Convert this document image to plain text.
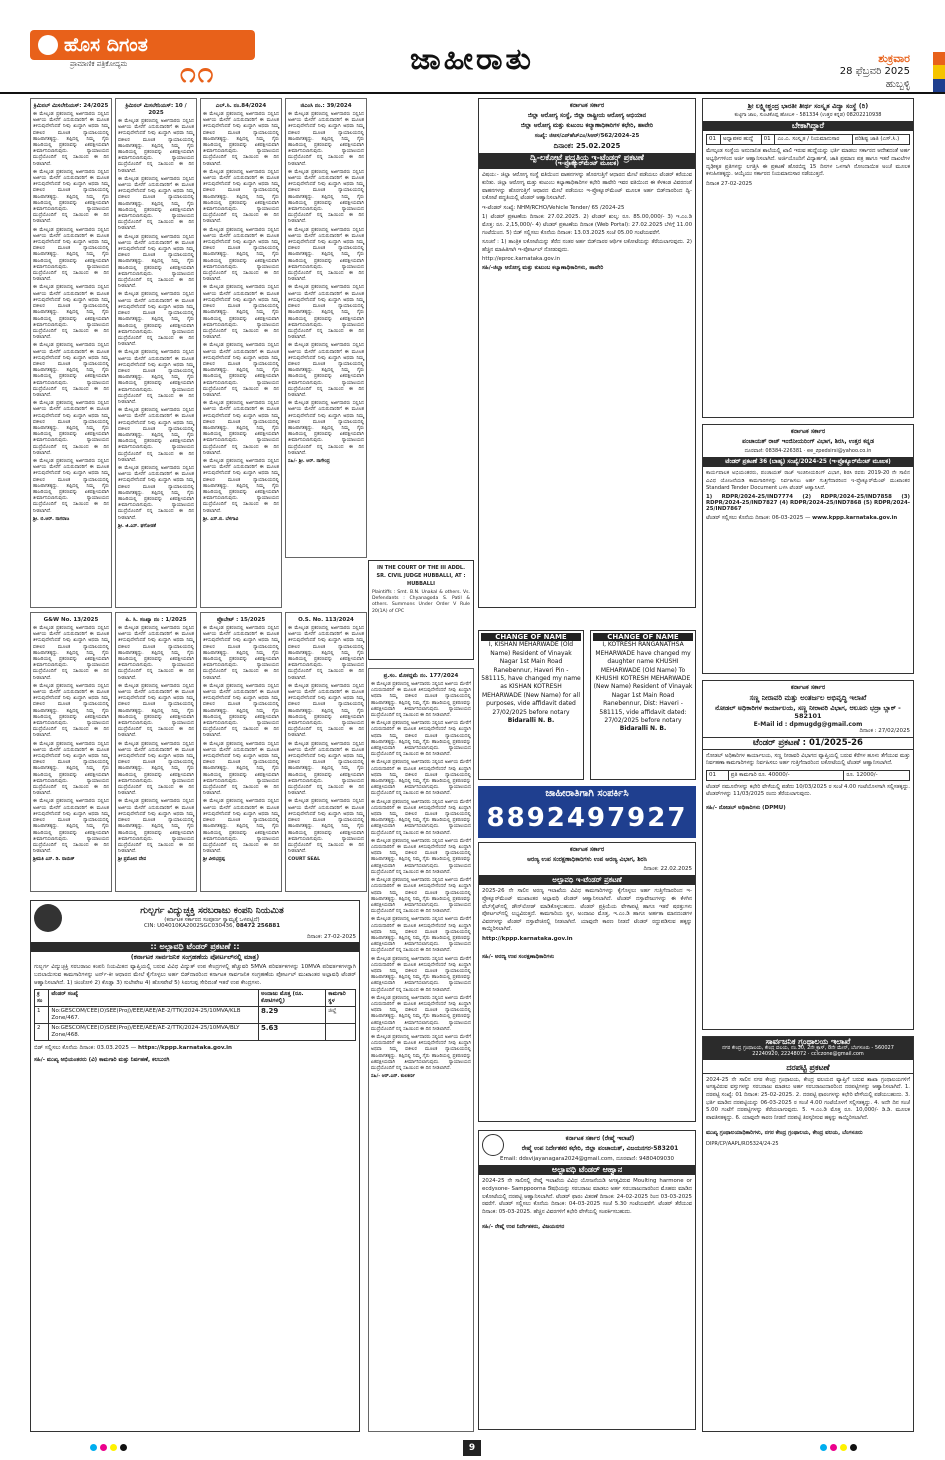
ಹೊಸ ದಿಗಂತ
ಪ್ರಾಮಾಣಿಕ ಪತ್ರಿಕೋದ್ಯಮ ೧೧	ಜಾಹೀರಾತು	ಶುಕ್ರವಾರ
28 ಫೆಬ್ರವರಿ 2025
ಹುಬ್ಬಳ್ಳಿ
ಕ್ರಿಮಿನಲ್ ಮಿಸಲೇನಿಯಸ್: 24/2025

ಈ ಮೇಲ್ಕಂಡ ಪ್ರಕರಣದಲ್ಲಿ ಅರ್ಜಿದಾರರು ಸಲ್ಲಿಸಿದ ಅರ್ಜಿಯ ಮೇರೆಗೆ ಎದುರುದಾರರಿಗೆ ಈ ಮೂಲಕ ತಿಳಿಸುವುದೇನೆಂದರೆ ನೀವು ಖುದ್ದಾಗಿ ಅಥವಾ ನಿಮ್ಮ ವಕೀಲರ ಮೂಲಕ ನ್ಯಾಯಾಲಯದಲ್ಲಿ ಹಾಜರಾಗತಕ್ಕದ್ದು. ತಪ್ಪಿದಲ್ಲಿ ನಿಮ್ಮ ಗೈರು ಹಾಜರಿಯಲ್ಲಿ ಪ್ರಕರಣವನ್ನು ಏಕಪಕ್ಷೀಯವಾಗಿ ತೀರ್ಮಾನಿಸಲಾಗುವುದು. ನ್ಯಾಯಾಲಯದ ಮುದ್ರೆಯೊಂದಿಗೆ ನನ್ನ ಸಹಿಯಿಂದ ಈ ದಿನ ನೀಡಲಾಗಿದೆ.

ಈ ಮೇಲ್ಕಂಡ ಪ್ರಕರಣದಲ್ಲಿ ಅರ್ಜಿದಾರರು ಸಲ್ಲಿಸಿದ ಅರ್ಜಿಯ ಮೇರೆಗೆ ಎದುರುದಾರರಿಗೆ ಈ ಮೂಲಕ ತಿಳಿಸುವುದೇನೆಂದರೆ ನೀವು ಖುದ್ದಾಗಿ ಅಥವಾ ನಿಮ್ಮ ವಕೀಲರ ಮೂಲಕ ನ್ಯಾಯಾಲಯದಲ್ಲಿ ಹಾಜರಾಗತಕ್ಕದ್ದು. ತಪ್ಪಿದಲ್ಲಿ ನಿಮ್ಮ ಗೈರು ಹಾಜರಿಯಲ್ಲಿ ಪ್ರಕರಣವನ್ನು ಏಕಪಕ್ಷೀಯವಾಗಿ ತೀರ್ಮಾನಿಸಲಾಗುವುದು. ನ್ಯಾಯಾಲಯದ ಮುದ್ರೆಯೊಂದಿಗೆ ನನ್ನ ಸಹಿಯಿಂದ ಈ ದಿನ ನೀಡಲಾಗಿದೆ.

ಈ ಮೇಲ್ಕಂಡ ಪ್ರಕರಣದಲ್ಲಿ ಅರ್ಜಿದಾರರು ಸಲ್ಲಿಸಿದ ಅರ್ಜಿಯ ಮೇರೆಗೆ ಎದುರುದಾರರಿಗೆ ಈ ಮೂಲಕ ತಿಳಿಸುವುದೇನೆಂದರೆ ನೀವು ಖುದ್ದಾಗಿ ಅಥವಾ ನಿಮ್ಮ ವಕೀಲರ ಮೂಲಕ ನ್ಯಾಯಾಲಯದಲ್ಲಿ ಹಾಜರಾಗತಕ್ಕದ್ದು. ತಪ್ಪಿದಲ್ಲಿ ನಿಮ್ಮ ಗೈರು ಹಾಜರಿಯಲ್ಲಿ ಪ್ರಕರಣವನ್ನು ಏಕಪಕ್ಷೀಯವಾಗಿ ತೀರ್ಮಾನಿಸಲಾಗುವುದು. ನ್ಯಾಯಾಲಯದ ಮುದ್ರೆಯೊಂದಿಗೆ ನನ್ನ ಸಹಿಯಿಂದ ಈ ದಿನ ನೀಡಲಾಗಿದೆ.

ಈ ಮೇಲ್ಕಂಡ ಪ್ರಕರಣದಲ್ಲಿ ಅರ್ಜಿದಾರರು ಸಲ್ಲಿಸಿದ ಅರ್ಜಿಯ ಮೇರೆಗೆ ಎದುರುದಾರರಿಗೆ ಈ ಮೂಲಕ ತಿಳಿಸುವುದೇನೆಂದರೆ ನೀವು ಖುದ್ದಾಗಿ ಅಥವಾ ನಿಮ್ಮ ವಕೀಲರ ಮೂಲಕ ನ್ಯಾಯಾಲಯದಲ್ಲಿ ಹಾಜರಾಗತಕ್ಕದ್ದು. ತಪ್ಪಿದಲ್ಲಿ ನಿಮ್ಮ ಗೈರು ಹಾಜರಿಯಲ್ಲಿ ಪ್ರಕರಣವನ್ನು ಏಕಪಕ್ಷೀಯವಾಗಿ ತೀರ್ಮಾನಿಸಲಾಗುವುದು. ನ್ಯಾಯಾಲಯದ ಮುದ್ರೆಯೊಂದಿಗೆ ನನ್ನ ಸಹಿಯಿಂದ ಈ ದಿನ ನೀಡಲಾಗಿದೆ.

ಈ ಮೇಲ್ಕಂಡ ಪ್ರಕರಣದಲ್ಲಿ ಅರ್ಜಿದಾರರು ಸಲ್ಲಿಸಿದ ಅರ್ಜಿಯ ಮೇರೆಗೆ ಎದುರುದಾರರಿಗೆ ಈ ಮೂಲಕ ತಿಳಿಸುವುದೇನೆಂದರೆ ನೀವು ಖುದ್ದಾಗಿ ಅಥವಾ ನಿಮ್ಮ ವಕೀಲರ ಮೂಲಕ ನ್ಯಾಯಾಲಯದಲ್ಲಿ ಹಾಜರಾಗತಕ್ಕದ್ದು. ತಪ್ಪಿದಲ್ಲಿ ನಿಮ್ಮ ಗೈರು ಹಾಜರಿಯಲ್ಲಿ ಪ್ರಕರಣವನ್ನು ಏಕಪಕ್ಷೀಯವಾಗಿ ತೀರ್ಮಾನಿಸಲಾಗುವುದು. ನ್ಯಾಯಾಲಯದ ಮುದ್ರೆಯೊಂದಿಗೆ ನನ್ನ ಸಹಿಯಿಂದ ಈ ದಿನ ನೀಡಲಾಗಿದೆ.

ಈ ಮೇಲ್ಕಂಡ ಪ್ರಕರಣದಲ್ಲಿ ಅರ್ಜಿದಾರರು ಸಲ್ಲಿಸಿದ ಅರ್ಜಿಯ ಮೇರೆಗೆ ಎದುರುದಾರರಿಗೆ ಈ ಮೂಲಕ ತಿಳಿಸುವುದೇನೆಂದರೆ ನೀವು ಖುದ್ದಾಗಿ ಅಥವಾ ನಿಮ್ಮ ವಕೀಲರ ಮೂಲಕ ನ್ಯಾಯಾಲಯದಲ್ಲಿ ಹಾಜರಾಗತಕ್ಕದ್ದು. ತಪ್ಪಿದಲ್ಲಿ ನಿಮ್ಮ ಗೈರು ಹಾಜರಿಯಲ್ಲಿ ಪ್ರಕರಣವನ್ನು ಏಕಪಕ್ಷೀಯವಾಗಿ ತೀರ್ಮಾನಿಸಲಾಗುವುದು. ನ್ಯಾಯಾಲಯದ ಮುದ್ರೆಯೊಂದಿಗೆ ನನ್ನ ಸಹಿಯಿಂದ ಈ ದಿನ ನೀಡಲಾಗಿದೆ.

ಈ ಮೇಲ್ಕಂಡ ಪ್ರಕರಣದಲ್ಲಿ ಅರ್ಜಿದಾರರು ಸಲ್ಲಿಸಿದ ಅರ್ಜಿಯ ಮೇರೆಗೆ ಎದುರುದಾರರಿಗೆ ಈ ಮೂಲಕ ತಿಳಿಸುವುದೇನೆಂದರೆ ನೀವು ಖುದ್ದಾಗಿ ಅಥವಾ ನಿಮ್ಮ ವಕೀಲರ ಮೂಲಕ ನ್ಯಾಯಾಲಯದಲ್ಲಿ ಹಾಜರಾಗತಕ್ಕದ್ದು. ತಪ್ಪಿದಲ್ಲಿ ನಿಮ್ಮ ಗೈರು ಹಾಜರಿಯಲ್ಲಿ ಪ್ರಕರಣವನ್ನು ಏಕಪಕ್ಷೀಯವಾಗಿ ತೀರ್ಮಾನಿಸಲಾಗುವುದು. ನ್ಯಾಯಾಲಯದ ಮುದ್ರೆಯೊಂದಿಗೆ ನನ್ನ ಸಹಿಯಿಂದ ಈ ದಿನ ನೀಡಲಾಗಿದೆ.

ಶ್ರೀ. ಬಿ.ಆರ್. ನಾಗರಾಜ

ಕ್ರಿಮಿನಲ್ ಮಿಸಲೇನಿಯಸ್: 10 / 2025

ಈ ಮೇಲ್ಕಂಡ ಪ್ರಕರಣದಲ್ಲಿ ಅರ್ಜಿದಾರರು ಸಲ್ಲಿಸಿದ ಅರ್ಜಿಯ ಮೇರೆಗೆ ಎದುರುದಾರರಿಗೆ ಈ ಮೂಲಕ ತಿಳಿಸುವುದೇನೆಂದರೆ ನೀವು ಖುದ್ದಾಗಿ ಅಥವಾ ನಿಮ್ಮ ವಕೀಲರ ಮೂಲಕ ನ್ಯಾಯಾಲಯದಲ್ಲಿ ಹಾಜರಾಗತಕ್ಕದ್ದು. ತಪ್ಪಿದಲ್ಲಿ ನಿಮ್ಮ ಗೈರು ಹಾಜರಿಯಲ್ಲಿ ಪ್ರಕರಣವನ್ನು ಏಕಪಕ್ಷೀಯವಾಗಿ ತೀರ್ಮಾನಿಸಲಾಗುವುದು. ನ್ಯಾಯಾಲಯದ ಮುದ್ರೆಯೊಂದಿಗೆ ನನ್ನ ಸಹಿಯಿಂದ ಈ ದಿನ ನೀಡಲಾಗಿದೆ.

ಈ ಮೇಲ್ಕಂಡ ಪ್ರಕರಣದಲ್ಲಿ ಅರ್ಜಿದಾರರು ಸಲ್ಲಿಸಿದ ಅರ್ಜಿಯ ಮೇರೆಗೆ ಎದುರುದಾರರಿಗೆ ಈ ಮೂಲಕ ತಿಳಿಸುವುದೇನೆಂದರೆ ನೀವು ಖುದ್ದಾಗಿ ಅಥವಾ ನಿಮ್ಮ ವಕೀಲರ ಮೂಲಕ ನ್ಯಾಯಾಲಯದಲ್ಲಿ ಹಾಜರಾಗತಕ್ಕದ್ದು. ತಪ್ಪಿದಲ್ಲಿ ನಿಮ್ಮ ಗೈರು ಹಾಜರಿಯಲ್ಲಿ ಪ್ರಕರಣವನ್ನು ಏಕಪಕ್ಷೀಯವಾಗಿ ತೀರ್ಮಾನಿಸಲಾಗುವುದು. ನ್ಯಾಯಾಲಯದ ಮುದ್ರೆಯೊಂದಿಗೆ ನನ್ನ ಸಹಿಯಿಂದ ಈ ದಿನ ನೀಡಲಾಗಿದೆ.

ಈ ಮೇಲ್ಕಂಡ ಪ್ರಕರಣದಲ್ಲಿ ಅರ್ಜಿದಾರರು ಸಲ್ಲಿಸಿದ ಅರ್ಜಿಯ ಮೇರೆಗೆ ಎದುರುದಾರರಿಗೆ ಈ ಮೂಲಕ ತಿಳಿಸುವುದೇನೆಂದರೆ ನೀವು ಖುದ್ದಾಗಿ ಅಥವಾ ನಿಮ್ಮ ವಕೀಲರ ಮೂಲಕ ನ್ಯಾಯಾಲಯದಲ್ಲಿ ಹಾಜರಾಗತಕ್ಕದ್ದು. ತಪ್ಪಿದಲ್ಲಿ ನಿಮ್ಮ ಗೈರು ಹಾಜರಿಯಲ್ಲಿ ಪ್ರಕರಣವನ್ನು ಏಕಪಕ್ಷೀಯವಾಗಿ ತೀರ್ಮಾನಿಸಲಾಗುವುದು. ನ್ಯಾಯಾಲಯದ ಮುದ್ರೆಯೊಂದಿಗೆ ನನ್ನ ಸಹಿಯಿಂದ ಈ ದಿನ ನೀಡಲಾಗಿದೆ.

ಈ ಮೇಲ್ಕಂಡ ಪ್ರಕರಣದಲ್ಲಿ ಅರ್ಜಿದಾರರು ಸಲ್ಲಿಸಿದ ಅರ್ಜಿಯ ಮೇರೆಗೆ ಎದುರುದಾರರಿಗೆ ಈ ಮೂಲಕ ತಿಳಿಸುವುದೇನೆಂದರೆ ನೀವು ಖುದ್ದಾಗಿ ಅಥವಾ ನಿಮ್ಮ ವಕೀಲರ ಮೂಲಕ ನ್ಯಾಯಾಲಯದಲ್ಲಿ ಹಾಜರಾಗತಕ್ಕದ್ದು. ತಪ್ಪಿದಲ್ಲಿ ನಿಮ್ಮ ಗೈರು ಹಾಜರಿಯಲ್ಲಿ ಪ್ರಕರಣವನ್ನು ಏಕಪಕ್ಷೀಯವಾಗಿ ತೀರ್ಮಾನಿಸಲಾಗುವುದು. ನ್ಯಾಯಾಲಯದ ಮುದ್ರೆಯೊಂದಿಗೆ ನನ್ನ ಸಹಿಯಿಂದ ಈ ದಿನ ನೀಡಲಾಗಿದೆ.

ಈ ಮೇಲ್ಕಂಡ ಪ್ರಕರಣದಲ್ಲಿ ಅರ್ಜಿದಾರರು ಸಲ್ಲಿಸಿದ ಅರ್ಜಿಯ ಮೇರೆಗೆ ಎದುರುದಾರರಿಗೆ ಈ ಮೂಲಕ ತಿಳಿಸುವುದೇನೆಂದರೆ ನೀವು ಖುದ್ದಾಗಿ ಅಥವಾ ನಿಮ್ಮ ವಕೀಲರ ಮೂಲಕ ನ್ಯಾಯಾಲಯದಲ್ಲಿ ಹಾಜರಾಗತಕ್ಕದ್ದು. ತಪ್ಪಿದಲ್ಲಿ ನಿಮ್ಮ ಗೈರು ಹಾಜರಿಯಲ್ಲಿ ಪ್ರಕರಣವನ್ನು ಏಕಪಕ್ಷೀಯವಾಗಿ ತೀರ್ಮಾನಿಸಲಾಗುವುದು. ನ್ಯಾಯಾಲಯದ ಮುದ್ರೆಯೊಂದಿಗೆ ನನ್ನ ಸಹಿಯಿಂದ ಈ ದಿನ ನೀಡಲಾಗಿದೆ.

ಈ ಮೇಲ್ಕಂಡ ಪ್ರಕರಣದಲ್ಲಿ ಅರ್ಜಿದಾರರು ಸಲ್ಲಿಸಿದ ಅರ್ಜಿಯ ಮೇರೆಗೆ ಎದುರುದಾರರಿಗೆ ಈ ಮೂಲಕ ತಿಳಿಸುವುದೇನೆಂದರೆ ನೀವು ಖುದ್ದಾಗಿ ಅಥವಾ ನಿಮ್ಮ ವಕೀಲರ ಮೂಲಕ ನ್ಯಾಯಾಲಯದಲ್ಲಿ ಹಾಜರಾಗತಕ್ಕದ್ದು. ತಪ್ಪಿದಲ್ಲಿ ನಿಮ್ಮ ಗೈರು ಹಾಜರಿಯಲ್ಲಿ ಪ್ರಕರಣವನ್ನು ಏಕಪಕ್ಷೀಯವಾಗಿ ತೀರ್ಮಾನಿಸಲಾಗುವುದು. ನ್ಯಾಯಾಲಯದ ಮುದ್ರೆಯೊಂದಿಗೆ ನನ್ನ ಸಹಿಯಿಂದ ಈ ದಿನ ನೀಡಲಾಗಿದೆ.

ಈ ಮೇಲ್ಕಂಡ ಪ್ರಕರಣದಲ್ಲಿ ಅರ್ಜಿದಾರರು ಸಲ್ಲಿಸಿದ ಅರ್ಜಿಯ ಮೇರೆಗೆ ಎದುರುದಾರರಿಗೆ ಈ ಮೂಲಕ ತಿಳಿಸುವುದೇನೆಂದರೆ ನೀವು ಖುದ್ದಾಗಿ ಅಥವಾ ನಿಮ್ಮ ವಕೀಲರ ಮೂಲಕ ನ್ಯಾಯಾಲಯದಲ್ಲಿ ಹಾಜರಾಗತಕ್ಕದ್ದು. ತಪ್ಪಿದಲ್ಲಿ ನಿಮ್ಮ ಗೈರು ಹಾಜರಿಯಲ್ಲಿ ಪ್ರಕರಣವನ್ನು ಏಕಪಕ್ಷೀಯವಾಗಿ ತೀರ್ಮಾನಿಸಲಾಗುವುದು. ನ್ಯಾಯಾಲಯದ ಮುದ್ರೆಯೊಂದಿಗೆ ನನ್ನ ಸಹಿಯಿಂದ ಈ ದಿನ ನೀಡಲಾಗಿದೆ.

ಶ್ರೀ. ಜಿ.ಎಸ್. ಘಗೋಡಕೆ

ಎಲ್.ಸಿ. ನಂ.84/2024

ಈ ಮೇಲ್ಕಂಡ ಪ್ರಕರಣದಲ್ಲಿ ಅರ್ಜಿದಾರರು ಸಲ್ಲಿಸಿದ ಅರ್ಜಿಯ ಮೇರೆಗೆ ಎದುರುದಾರರಿಗೆ ಈ ಮೂಲಕ ತಿಳಿಸುವುದೇನೆಂದರೆ ನೀವು ಖುದ್ದಾಗಿ ಅಥವಾ ನಿಮ್ಮ ವಕೀಲರ ಮೂಲಕ ನ್ಯಾಯಾಲಯದಲ್ಲಿ ಹಾಜರಾಗತಕ್ಕದ್ದು. ತಪ್ಪಿದಲ್ಲಿ ನಿಮ್ಮ ಗೈರು ಹಾಜರಿಯಲ್ಲಿ ಪ್ರಕರಣವನ್ನು ಏಕಪಕ್ಷೀಯವಾಗಿ ತೀರ್ಮಾನಿಸಲಾಗುವುದು. ನ್ಯಾಯಾಲಯದ ಮುದ್ರೆಯೊಂದಿಗೆ ನನ್ನ ಸಹಿಯಿಂದ ಈ ದಿನ ನೀಡಲಾಗಿದೆ.

ಈ ಮೇಲ್ಕಂಡ ಪ್ರಕರಣದಲ್ಲಿ ಅರ್ಜಿದಾರರು ಸಲ್ಲಿಸಿದ ಅರ್ಜಿಯ ಮೇರೆಗೆ ಎದುರುದಾರರಿಗೆ ಈ ಮೂಲಕ ತಿಳಿಸುವುದೇನೆಂದರೆ ನೀವು ಖುದ್ದಾಗಿ ಅಥವಾ ನಿಮ್ಮ ವಕೀಲರ ಮೂಲಕ ನ್ಯಾಯಾಲಯದಲ್ಲಿ ಹಾಜರಾಗತಕ್ಕದ್ದು. ತಪ್ಪಿದಲ್ಲಿ ನಿಮ್ಮ ಗೈರು ಹಾಜರಿಯಲ್ಲಿ ಪ್ರಕರಣವನ್ನು ಏಕಪಕ್ಷೀಯವಾಗಿ ತೀರ್ಮಾನಿಸಲಾಗುವುದು. ನ್ಯಾಯಾಲಯದ ಮುದ್ರೆಯೊಂದಿಗೆ ನನ್ನ ಸಹಿಯಿಂದ ಈ ದಿನ ನೀಡಲಾಗಿದೆ.

ಈ ಮೇಲ್ಕಂಡ ಪ್ರಕರಣದಲ್ಲಿ ಅರ್ಜಿದಾರರು ಸಲ್ಲಿಸಿದ ಅರ್ಜಿಯ ಮೇರೆಗೆ ಎದುರುದಾರರಿಗೆ ಈ ಮೂಲಕ ತಿಳಿಸುವುದೇನೆಂದರೆ ನೀವು ಖುದ್ದಾಗಿ ಅಥವಾ ನಿಮ್ಮ ವಕೀಲರ ಮೂಲಕ ನ್ಯಾಯಾಲಯದಲ್ಲಿ ಹಾಜರಾಗತಕ್ಕದ್ದು. ತಪ್ಪಿದಲ್ಲಿ ನಿಮ್ಮ ಗೈರು ಹಾಜರಿಯಲ್ಲಿ ಪ್ರಕರಣವನ್ನು ಏಕಪಕ್ಷೀಯವಾಗಿ ತೀರ್ಮಾನಿಸಲಾಗುವುದು. ನ್ಯಾಯಾಲಯದ ಮುದ್ರೆಯೊಂದಿಗೆ ನನ್ನ ಸಹಿಯಿಂದ ಈ ದಿನ ನೀಡಲಾಗಿದೆ.

ಈ ಮೇಲ್ಕಂಡ ಪ್ರಕರಣದಲ್ಲಿ ಅರ್ಜಿದಾರರು ಸಲ್ಲಿಸಿದ ಅರ್ಜಿಯ ಮೇರೆಗೆ ಎದುರುದಾರರಿಗೆ ಈ ಮೂಲಕ ತಿಳಿಸುವುದೇನೆಂದರೆ ನೀವು ಖುದ್ದಾಗಿ ಅಥವಾ ನಿಮ್ಮ ವಕೀಲರ ಮೂಲಕ ನ್ಯಾಯಾಲಯದಲ್ಲಿ ಹಾಜರಾಗತಕ್ಕದ್ದು. ತಪ್ಪಿದಲ್ಲಿ ನಿಮ್ಮ ಗೈರು ಹಾಜರಿಯಲ್ಲಿ ಪ್ರಕರಣವನ್ನು ಏಕಪಕ್ಷೀಯವಾಗಿ ತೀರ್ಮಾನಿಸಲಾಗುವುದು. ನ್ಯಾಯಾಲಯದ ಮುದ್ರೆಯೊಂದಿಗೆ ನನ್ನ ಸಹಿಯಿಂದ ಈ ದಿನ ನೀಡಲಾಗಿದೆ.

ಈ ಮೇಲ್ಕಂಡ ಪ್ರಕರಣದಲ್ಲಿ ಅರ್ಜಿದಾರರು ಸಲ್ಲಿಸಿದ ಅರ್ಜಿಯ ಮೇರೆಗೆ ಎದುರುದಾರರಿಗೆ ಈ ಮೂಲಕ ತಿಳಿಸುವುದೇನೆಂದರೆ ನೀವು ಖುದ್ದಾಗಿ ಅಥವಾ ನಿಮ್ಮ ವಕೀಲರ ಮೂಲಕ ನ್ಯಾಯಾಲಯದಲ್ಲಿ ಹಾಜರಾಗತಕ್ಕದ್ದು. ತಪ್ಪಿದಲ್ಲಿ ನಿಮ್ಮ ಗೈರು ಹಾಜರಿಯಲ್ಲಿ ಪ್ರಕರಣವನ್ನು ಏಕಪಕ್ಷೀಯವಾಗಿ ತೀರ್ಮಾನಿಸಲಾಗುವುದು. ನ್ಯಾಯಾಲಯದ ಮುದ್ರೆಯೊಂದಿಗೆ ನನ್ನ ಸಹಿಯಿಂದ ಈ ದಿನ ನೀಡಲಾಗಿದೆ.

ಈ ಮೇಲ್ಕಂಡ ಪ್ರಕರಣದಲ್ಲಿ ಅರ್ಜಿದಾರರು ಸಲ್ಲಿಸಿದ ಅರ್ಜಿಯ ಮೇರೆಗೆ ಎದುರುದಾರರಿಗೆ ಈ ಮೂಲಕ ತಿಳಿಸುವುದೇನೆಂದರೆ ನೀವು ಖುದ್ದಾಗಿ ಅಥವಾ ನಿಮ್ಮ ವಕೀಲರ ಮೂಲಕ ನ್ಯಾಯಾಲಯದಲ್ಲಿ ಹಾಜರಾಗತಕ್ಕದ್ದು. ತಪ್ಪಿದಲ್ಲಿ ನಿಮ್ಮ ಗೈರು ಹಾಜರಿಯಲ್ಲಿ ಪ್ರಕರಣವನ್ನು ಏಕಪಕ್ಷೀಯವಾಗಿ ತೀರ್ಮಾನಿಸಲಾಗುವುದು. ನ್ಯಾಯಾಲಯದ ಮುದ್ರೆಯೊಂದಿಗೆ ನನ್ನ ಸಹಿಯಿಂದ ಈ ದಿನ ನೀಡಲಾಗಿದೆ.

ಈ ಮೇಲ್ಕಂಡ ಪ್ರಕರಣದಲ್ಲಿ ಅರ್ಜಿದಾರರು ಸಲ್ಲಿಸಿದ ಅರ್ಜಿಯ ಮೇರೆಗೆ ಎದುರುದಾರರಿಗೆ ಈ ಮೂಲಕ ತಿಳಿಸುವುದೇನೆಂದರೆ ನೀವು ಖುದ್ದಾಗಿ ಅಥವಾ ನಿಮ್ಮ ವಕೀಲರ ಮೂಲಕ ನ್ಯಾಯಾಲಯದಲ್ಲಿ ಹಾಜರಾಗತಕ್ಕದ್ದು. ತಪ್ಪಿದಲ್ಲಿ ನಿಮ್ಮ ಗೈರು ಹಾಜರಿಯಲ್ಲಿ ಪ್ರಕರಣವನ್ನು ಏಕಪಕ್ಷೀಯವಾಗಿ ತೀರ್ಮಾನಿಸಲಾಗುವುದು. ನ್ಯಾಯಾಲಯದ ಮುದ್ರೆಯೊಂದಿಗೆ ನನ್ನ ಸಹಿಯಿಂದ ಈ ದಿನ ನೀಡಲಾಗಿದೆ.

ಶ್ರೀ. ಎಸ್.ಬಿ. ಬೆಳಗಾವಿ

ಜಿಎಂಸಿ ನಂ.: 39/2024

ಈ ಮೇಲ್ಕಂಡ ಪ್ರಕರಣದಲ್ಲಿ ಅರ್ಜಿದಾರರು ಸಲ್ಲಿಸಿದ ಅರ್ಜಿಯ ಮೇರೆಗೆ ಎದುರುದಾರರಿಗೆ ಈ ಮೂಲಕ ತಿಳಿಸುವುದೇನೆಂದರೆ ನೀವು ಖುದ್ದಾಗಿ ಅಥವಾ ನಿಮ್ಮ ವಕೀಲರ ಮೂಲಕ ನ್ಯಾಯಾಲಯದಲ್ಲಿ ಹಾಜರಾಗತಕ್ಕದ್ದು. ತಪ್ಪಿದಲ್ಲಿ ನಿಮ್ಮ ಗೈರು ಹಾಜರಿಯಲ್ಲಿ ಪ್ರಕರಣವನ್ನು ಏಕಪಕ್ಷೀಯವಾಗಿ ತೀರ್ಮಾನಿಸಲಾಗುವುದು. ನ್ಯಾಯಾಲಯದ ಮುದ್ರೆಯೊಂದಿಗೆ ನನ್ನ ಸಹಿಯಿಂದ ಈ ದಿನ ನೀಡಲಾಗಿದೆ.

ಈ ಮೇಲ್ಕಂಡ ಪ್ರಕರಣದಲ್ಲಿ ಅರ್ಜಿದಾರರು ಸಲ್ಲಿಸಿದ ಅರ್ಜಿಯ ಮೇರೆಗೆ ಎದುರುದಾರರಿಗೆ ಈ ಮೂಲಕ ತಿಳಿಸುವುದೇನೆಂದರೆ ನೀವು ಖುದ್ದಾಗಿ ಅಥವಾ ನಿಮ್ಮ ವಕೀಲರ ಮೂಲಕ ನ್ಯಾಯಾಲಯದಲ್ಲಿ ಹಾಜರಾಗತಕ್ಕದ್ದು. ತಪ್ಪಿದಲ್ಲಿ ನಿಮ್ಮ ಗೈರು ಹಾಜರಿಯಲ್ಲಿ ಪ್ರಕರಣವನ್ನು ಏಕಪಕ್ಷೀಯವಾಗಿ ತೀರ್ಮಾನಿಸಲಾಗುವುದು. ನ್ಯಾಯಾಲಯದ ಮುದ್ರೆಯೊಂದಿಗೆ ನನ್ನ ಸಹಿಯಿಂದ ಈ ದಿನ ನೀಡಲಾಗಿದೆ.

ಈ ಮೇಲ್ಕಂಡ ಪ್ರಕರಣದಲ್ಲಿ ಅರ್ಜಿದಾರರು ಸಲ್ಲಿಸಿದ ಅರ್ಜಿಯ ಮೇರೆಗೆ ಎದುರುದಾರರಿಗೆ ಈ ಮೂಲಕ ತಿಳಿಸುವುದೇನೆಂದರೆ ನೀವು ಖುದ್ದಾಗಿ ಅಥವಾ ನಿಮ್ಮ ವಕೀಲರ ಮೂಲಕ ನ್ಯಾಯಾಲಯದಲ್ಲಿ ಹಾಜರಾಗತಕ್ಕದ್ದು. ತಪ್ಪಿದಲ್ಲಿ ನಿಮ್ಮ ಗೈರು ಹಾಜರಿಯಲ್ಲಿ ಪ್ರಕರಣವನ್ನು ಏಕಪಕ್ಷೀಯವಾಗಿ ತೀರ್ಮಾನಿಸಲಾಗುವುದು. ನ್ಯಾಯಾಲಯದ ಮುದ್ರೆಯೊಂದಿಗೆ ನನ್ನ ಸಹಿಯಿಂದ ಈ ದಿನ ನೀಡಲಾಗಿದೆ.

ಈ ಮೇಲ್ಕಂಡ ಪ್ರಕರಣದಲ್ಲಿ ಅರ್ಜಿದಾರರು ಸಲ್ಲಿಸಿದ ಅರ್ಜಿಯ ಮೇರೆಗೆ ಎದುರುದಾರರಿಗೆ ಈ ಮೂಲಕ ತಿಳಿಸುವುದೇನೆಂದರೆ ನೀವು ಖುದ್ದಾಗಿ ಅಥವಾ ನಿಮ್ಮ ವಕೀಲರ ಮೂಲಕ ನ್ಯಾಯಾಲಯದಲ್ಲಿ ಹಾಜರಾಗತಕ್ಕದ್ದು. ತಪ್ಪಿದಲ್ಲಿ ನಿಮ್ಮ ಗೈರು ಹಾಜರಿಯಲ್ಲಿ ಪ್ರಕರಣವನ್ನು ಏಕಪಕ್ಷೀಯವಾಗಿ ತೀರ್ಮಾನಿಸಲಾಗುವುದು. ನ್ಯಾಯಾಲಯದ ಮುದ್ರೆಯೊಂದಿಗೆ ನನ್ನ ಸಹಿಯಿಂದ ಈ ದಿನ ನೀಡಲಾಗಿದೆ.

ಈ ಮೇಲ್ಕಂಡ ಪ್ರಕರಣದಲ್ಲಿ ಅರ್ಜಿದಾರರು ಸಲ್ಲಿಸಿದ ಅರ್ಜಿಯ ಮೇರೆಗೆ ಎದುರುದಾರರಿಗೆ ಈ ಮೂಲಕ ತಿಳಿಸುವುದೇನೆಂದರೆ ನೀವು ಖುದ್ದಾಗಿ ಅಥವಾ ನಿಮ್ಮ ವಕೀಲರ ಮೂಲಕ ನ್ಯಾಯಾಲಯದಲ್ಲಿ ಹಾಜರಾಗತಕ್ಕದ್ದು. ತಪ್ಪಿದಲ್ಲಿ ನಿಮ್ಮ ಗೈರು ಹಾಜರಿಯಲ್ಲಿ ಪ್ರಕರಣವನ್ನು ಏಕಪಕ್ಷೀಯವಾಗಿ ತೀರ್ಮಾನಿಸಲಾಗುವುದು. ನ್ಯಾಯಾಲಯದ ಮುದ್ರೆಯೊಂದಿಗೆ ನನ್ನ ಸಹಿಯಿಂದ ಈ ದಿನ ನೀಡಲಾಗಿದೆ.

ಈ ಮೇಲ್ಕಂಡ ಪ್ರಕರಣದಲ್ಲಿ ಅರ್ಜಿದಾರರು ಸಲ್ಲಿಸಿದ ಅರ್ಜಿಯ ಮೇರೆಗೆ ಎದುರುದಾರರಿಗೆ ಈ ಮೂಲಕ ತಿಳಿಸುವುದೇನೆಂದರೆ ನೀವು ಖುದ್ದಾಗಿ ಅಥವಾ ನಿಮ್ಮ ವಕೀಲರ ಮೂಲಕ ನ್ಯಾಯಾಲಯದಲ್ಲಿ ಹಾಜರಾಗತಕ್ಕದ್ದು. ತಪ್ಪಿದಲ್ಲಿ ನಿಮ್ಮ ಗೈರು ಹಾಜರಿಯಲ್ಲಿ ಪ್ರಕರಣವನ್ನು ಏಕಪಕ್ಷೀಯವಾಗಿ ತೀರ್ಮಾನಿಸಲಾಗುವುದು. ನ್ಯಾಯಾಲಯದ ಮುದ್ರೆಯೊಂದಿಗೆ ನನ್ನ ಸಹಿಯಿಂದ ಈ ದಿನ ನೀಡಲಾಗಿದೆ.

ಸಹಿ/- ಶ್ರೀ. ಆರ್. ನಾಗೇಂದ್ರ

G&W No. 13/2025

ಈ ಮೇಲ್ಕಂಡ ಪ್ರಕರಣದಲ್ಲಿ ಅರ್ಜಿದಾರರು ಸಲ್ಲಿಸಿದ ಅರ್ಜಿಯ ಮೇರೆಗೆ ಎದುರುದಾರರಿಗೆ ಈ ಮೂಲಕ ತಿಳಿಸುವುದೇನೆಂದರೆ ನೀವು ಖುದ್ದಾಗಿ ಅಥವಾ ನಿಮ್ಮ ವಕೀಲರ ಮೂಲಕ ನ್ಯಾಯಾಲಯದಲ್ಲಿ ಹಾಜರಾಗತಕ್ಕದ್ದು. ತಪ್ಪಿದಲ್ಲಿ ನಿಮ್ಮ ಗೈರು ಹಾಜರಿಯಲ್ಲಿ ಪ್ರಕರಣವನ್ನು ಏಕಪಕ್ಷೀಯವಾಗಿ ತೀರ್ಮಾನಿಸಲಾಗುವುದು. ನ್ಯಾಯಾಲಯದ ಮುದ್ರೆಯೊಂದಿಗೆ ನನ್ನ ಸಹಿಯಿಂದ ಈ ದಿನ ನೀಡಲಾಗಿದೆ.

ಈ ಮೇಲ್ಕಂಡ ಪ್ರಕರಣದಲ್ಲಿ ಅರ್ಜಿದಾರರು ಸಲ್ಲಿಸಿದ ಅರ್ಜಿಯ ಮೇರೆಗೆ ಎದುರುದಾರರಿಗೆ ಈ ಮೂಲಕ ತಿಳಿಸುವುದೇನೆಂದರೆ ನೀವು ಖುದ್ದಾಗಿ ಅಥವಾ ನಿಮ್ಮ ವಕೀಲರ ಮೂಲಕ ನ್ಯಾಯಾಲಯದಲ್ಲಿ ಹಾಜರಾಗತಕ್ಕದ್ದು. ತಪ್ಪಿದಲ್ಲಿ ನಿಮ್ಮ ಗೈರು ಹಾಜರಿಯಲ್ಲಿ ಪ್ರಕರಣವನ್ನು ಏಕಪಕ್ಷೀಯವಾಗಿ ತೀರ್ಮಾನಿಸಲಾಗುವುದು. ನ್ಯಾಯಾಲಯದ ಮುದ್ರೆಯೊಂದಿಗೆ ನನ್ನ ಸಹಿಯಿಂದ ಈ ದಿನ ನೀಡಲಾಗಿದೆ.

ಈ ಮೇಲ್ಕಂಡ ಪ್ರಕರಣದಲ್ಲಿ ಅರ್ಜಿದಾರರು ಸಲ್ಲಿಸಿದ ಅರ್ಜಿಯ ಮೇರೆಗೆ ಎದುರುದಾರರಿಗೆ ಈ ಮೂಲಕ ತಿಳಿಸುವುದೇನೆಂದರೆ ನೀವು ಖುದ್ದಾಗಿ ಅಥವಾ ನಿಮ್ಮ ವಕೀಲರ ಮೂಲಕ ನ್ಯಾಯಾಲಯದಲ್ಲಿ ಹಾಜರಾಗತಕ್ಕದ್ದು. ತಪ್ಪಿದಲ್ಲಿ ನಿಮ್ಮ ಗೈರು ಹಾಜರಿಯಲ್ಲಿ ಪ್ರಕರಣವನ್ನು ಏಕಪಕ್ಷೀಯವಾಗಿ ತೀರ್ಮಾನಿಸಲಾಗುವುದು. ನ್ಯಾಯಾಲಯದ ಮುದ್ರೆಯೊಂದಿಗೆ ನನ್ನ ಸಹಿಯಿಂದ ಈ ದಿನ ನೀಡಲಾಗಿದೆ.

ಈ ಮೇಲ್ಕಂಡ ಪ್ರಕರಣದಲ್ಲಿ ಅರ್ಜಿದಾರರು ಸಲ್ಲಿಸಿದ ಅರ್ಜಿಯ ಮೇರೆಗೆ ಎದುರುದಾರರಿಗೆ ಈ ಮೂಲಕ ತಿಳಿಸುವುದೇನೆಂದರೆ ನೀವು ಖುದ್ದಾಗಿ ಅಥವಾ ನಿಮ್ಮ ವಕೀಲರ ಮೂಲಕ ನ್ಯಾಯಾಲಯದಲ್ಲಿ ಹಾಜರಾಗತಕ್ಕದ್ದು. ತಪ್ಪಿದಲ್ಲಿ ನಿಮ್ಮ ಗೈರು ಹಾಜರಿಯಲ್ಲಿ ಪ್ರಕರಣವನ್ನು ಏಕಪಕ್ಷೀಯವಾಗಿ ತೀರ್ಮಾನಿಸಲಾಗುವುದು. ನ್ಯಾಯಾಲಯದ ಮುದ್ರೆಯೊಂದಿಗೆ ನನ್ನ ಸಹಿಯಿಂದ ಈ ದಿನ ನೀಡಲಾಗಿದೆ.

ಶ್ರೀಮತಿ ಎಸ್. ಡಿ. ನಾಯಿಕ್

ಪಿ. ಸಿ. ಸಂಖ್ಯಾ ನಂ : 1/2025

ಈ ಮೇಲ್ಕಂಡ ಪ್ರಕರಣದಲ್ಲಿ ಅರ್ಜಿದಾರರು ಸಲ್ಲಿಸಿದ ಅರ್ಜಿಯ ಮೇರೆಗೆ ಎದುರುದಾರರಿಗೆ ಈ ಮೂಲಕ ತಿಳಿಸುವುದೇನೆಂದರೆ ನೀವು ಖುದ್ದಾಗಿ ಅಥವಾ ನಿಮ್ಮ ವಕೀಲರ ಮೂಲಕ ನ್ಯಾಯಾಲಯದಲ್ಲಿ ಹಾಜರಾಗತಕ್ಕದ್ದು. ತಪ್ಪಿದಲ್ಲಿ ನಿಮ್ಮ ಗೈರು ಹಾಜರಿಯಲ್ಲಿ ಪ್ರಕರಣವನ್ನು ಏಕಪಕ್ಷೀಯವಾಗಿ ತೀರ್ಮಾನಿಸಲಾಗುವುದು. ನ್ಯಾಯಾಲಯದ ಮುದ್ರೆಯೊಂದಿಗೆ ನನ್ನ ಸಹಿಯಿಂದ ಈ ದಿನ ನೀಡಲಾಗಿದೆ.

ಈ ಮೇಲ್ಕಂಡ ಪ್ರಕರಣದಲ್ಲಿ ಅರ್ಜಿದಾರರು ಸಲ್ಲಿಸಿದ ಅರ್ಜಿಯ ಮೇರೆಗೆ ಎದುರುದಾರರಿಗೆ ಈ ಮೂಲಕ ತಿಳಿಸುವುದೇನೆಂದರೆ ನೀವು ಖುದ್ದಾಗಿ ಅಥವಾ ನಿಮ್ಮ ವಕೀಲರ ಮೂಲಕ ನ್ಯಾಯಾಲಯದಲ್ಲಿ ಹಾಜರಾಗತಕ್ಕದ್ದು. ತಪ್ಪಿದಲ್ಲಿ ನಿಮ್ಮ ಗೈರು ಹಾಜರಿಯಲ್ಲಿ ಪ್ರಕರಣವನ್ನು ಏಕಪಕ್ಷೀಯವಾಗಿ ತೀರ್ಮಾನಿಸಲಾಗುವುದು. ನ್ಯಾಯಾಲಯದ ಮುದ್ರೆಯೊಂದಿಗೆ ನನ್ನ ಸಹಿಯಿಂದ ಈ ದಿನ ನೀಡಲಾಗಿದೆ.

ಈ ಮೇಲ್ಕಂಡ ಪ್ರಕರಣದಲ್ಲಿ ಅರ್ಜಿದಾರರು ಸಲ್ಲಿಸಿದ ಅರ್ಜಿಯ ಮೇರೆಗೆ ಎದುರುದಾರರಿಗೆ ಈ ಮೂಲಕ ತಿಳಿಸುವುದೇನೆಂದರೆ ನೀವು ಖುದ್ದಾಗಿ ಅಥವಾ ನಿಮ್ಮ ವಕೀಲರ ಮೂಲಕ ನ್ಯಾಯಾಲಯದಲ್ಲಿ ಹಾಜರಾಗತಕ್ಕದ್ದು. ತಪ್ಪಿದಲ್ಲಿ ನಿಮ್ಮ ಗೈರು ಹಾಜರಿಯಲ್ಲಿ ಪ್ರಕರಣವನ್ನು ಏಕಪಕ್ಷೀಯವಾಗಿ ತೀರ್ಮಾನಿಸಲಾಗುವುದು. ನ್ಯಾಯಾಲಯದ ಮುದ್ರೆಯೊಂದಿಗೆ ನನ್ನ ಸಹಿಯಿಂದ ಈ ದಿನ ನೀಡಲಾಗಿದೆ.

ಈ ಮೇಲ್ಕಂಡ ಪ್ರಕರಣದಲ್ಲಿ ಅರ್ಜಿದಾರರು ಸಲ್ಲಿಸಿದ ಅರ್ಜಿಯ ಮೇರೆಗೆ ಎದುರುದಾರರಿಗೆ ಈ ಮೂಲಕ ತಿಳಿಸುವುದೇನೆಂದರೆ ನೀವು ಖುದ್ದಾಗಿ ಅಥವಾ ನಿಮ್ಮ ವಕೀಲರ ಮೂಲಕ ನ್ಯಾಯಾಲಯದಲ್ಲಿ ಹಾಜರಾಗತಕ್ಕದ್ದು. ತಪ್ಪಿದಲ್ಲಿ ನಿಮ್ಮ ಗೈರು ಹಾಜರಿಯಲ್ಲಿ ಪ್ರಕರಣವನ್ನು ಏಕಪಕ್ಷೀಯವಾಗಿ ತೀರ್ಮಾನಿಸಲಾಗುವುದು. ನ್ಯಾಯಾಲಯದ ಮುದ್ರೆಯೊಂದಿಗೆ ನನ್ನ ಸಹಿಯಿಂದ ಈ ದಿನ ನೀಡಲಾಗಿದೆ.

ಶ್ರೀ ಪ್ರಮೋದ ದೇವ

ಪ್ರೊಬೇಟ್ : 15/2025

ಈ ಮೇಲ್ಕಂಡ ಪ್ರಕರಣದಲ್ಲಿ ಅರ್ಜಿದಾರರು ಸಲ್ಲಿಸಿದ ಅರ್ಜಿಯ ಮೇರೆಗೆ ಎದುರುದಾರರಿಗೆ ಈ ಮೂಲಕ ತಿಳಿಸುವುದೇನೆಂದರೆ ನೀವು ಖುದ್ದಾಗಿ ಅಥವಾ ನಿಮ್ಮ ವಕೀಲರ ಮೂಲಕ ನ್ಯಾಯಾಲಯದಲ್ಲಿ ಹಾಜರಾಗತಕ್ಕದ್ದು. ತಪ್ಪಿದಲ್ಲಿ ನಿಮ್ಮ ಗೈರು ಹಾಜರಿಯಲ್ಲಿ ಪ್ರಕರಣವನ್ನು ಏಕಪಕ್ಷೀಯವಾಗಿ ತೀರ್ಮಾನಿಸಲಾಗುವುದು. ನ್ಯಾಯಾಲಯದ ಮುದ್ರೆಯೊಂದಿಗೆ ನನ್ನ ಸಹಿಯಿಂದ ಈ ದಿನ ನೀಡಲಾಗಿದೆ.

ಈ ಮೇಲ್ಕಂಡ ಪ್ರಕರಣದಲ್ಲಿ ಅರ್ಜಿದಾರರು ಸಲ್ಲಿಸಿದ ಅರ್ಜಿಯ ಮೇರೆಗೆ ಎದುರುದಾರರಿಗೆ ಈ ಮೂಲಕ ತಿಳಿಸುವುದೇನೆಂದರೆ ನೀವು ಖುದ್ದಾಗಿ ಅಥವಾ ನಿಮ್ಮ ವಕೀಲರ ಮೂಲಕ ನ್ಯಾಯಾಲಯದಲ್ಲಿ ಹಾಜರಾಗತಕ್ಕದ್ದು. ತಪ್ಪಿದಲ್ಲಿ ನಿಮ್ಮ ಗೈರು ಹಾಜರಿಯಲ್ಲಿ ಪ್ರಕರಣವನ್ನು ಏಕಪಕ್ಷೀಯವಾಗಿ ತೀರ್ಮಾನಿಸಲಾಗುವುದು. ನ್ಯಾಯಾಲಯದ ಮುದ್ರೆಯೊಂದಿಗೆ ನನ್ನ ಸಹಿಯಿಂದ ಈ ದಿನ ನೀಡಲಾಗಿದೆ.

ಈ ಮೇಲ್ಕಂಡ ಪ್ರಕರಣದಲ್ಲಿ ಅರ್ಜಿದಾರರು ಸಲ್ಲಿಸಿದ ಅರ್ಜಿಯ ಮೇರೆಗೆ ಎದುರುದಾರರಿಗೆ ಈ ಮೂಲಕ ತಿಳಿಸುವುದೇನೆಂದರೆ ನೀವು ಖುದ್ದಾಗಿ ಅಥವಾ ನಿಮ್ಮ ವಕೀಲರ ಮೂಲಕ ನ್ಯಾಯಾಲಯದಲ್ಲಿ ಹಾಜರಾಗತಕ್ಕದ್ದು. ತಪ್ಪಿದಲ್ಲಿ ನಿಮ್ಮ ಗೈರು ಹಾಜರಿಯಲ್ಲಿ ಪ್ರಕರಣವನ್ನು ಏಕಪಕ್ಷೀಯವಾಗಿ ತೀರ್ಮಾನಿಸಲಾಗುವುದು. ನ್ಯಾಯಾಲಯದ ಮುದ್ರೆಯೊಂದಿಗೆ ನನ್ನ ಸಹಿಯಿಂದ ಈ ದಿನ ನೀಡಲಾಗಿದೆ.

ಈ ಮೇಲ್ಕಂಡ ಪ್ರಕರಣದಲ್ಲಿ ಅರ್ಜಿದಾರರು ಸಲ್ಲಿಸಿದ ಅರ್ಜಿಯ ಮೇರೆಗೆ ಎದುರುದಾರರಿಗೆ ಈ ಮೂಲಕ ತಿಳಿಸುವುದೇನೆಂದರೆ ನೀವು ಖುದ್ದಾಗಿ ಅಥವಾ ನಿಮ್ಮ ವಕೀಲರ ಮೂಲಕ ನ್ಯಾಯಾಲಯದಲ್ಲಿ ಹಾಜರಾಗತಕ್ಕದ್ದು. ತಪ್ಪಿದಲ್ಲಿ ನಿಮ್ಮ ಗೈರು ಹಾಜರಿಯಲ್ಲಿ ಪ್ರಕರಣವನ್ನು ಏಕಪಕ್ಷೀಯವಾಗಿ ತೀರ್ಮಾನಿಸಲಾಗುವುದು. ನ್ಯಾಯಾಲಯದ ಮುದ್ರೆಯೊಂದಿಗೆ ನನ್ನ ಸಹಿಯಿಂದ ಈ ದಿನ ನೀಡಲಾಗಿದೆ.

ಶ್ರೀ ವೀರಭದ್ರಪ್ಪ

O.S. No. 113/2024

ಈ ಮೇಲ್ಕಂಡ ಪ್ರಕರಣದಲ್ಲಿ ಅರ್ಜಿದಾರರು ಸಲ್ಲಿಸಿದ ಅರ್ಜಿಯ ಮೇರೆಗೆ ಎದುರುದಾರರಿಗೆ ಈ ಮೂಲಕ ತಿಳಿಸುವುದೇನೆಂದರೆ ನೀವು ಖುದ್ದಾಗಿ ಅಥವಾ ನಿಮ್ಮ ವಕೀಲರ ಮೂಲಕ ನ್ಯಾಯಾಲಯದಲ್ಲಿ ಹಾಜರಾಗತಕ್ಕದ್ದು. ತಪ್ಪಿದಲ್ಲಿ ನಿಮ್ಮ ಗೈರು ಹಾಜರಿಯಲ್ಲಿ ಪ್ರಕರಣವನ್ನು ಏಕಪಕ್ಷೀಯವಾಗಿ ತೀರ್ಮಾನಿಸಲಾಗುವುದು. ನ್ಯಾಯಾಲಯದ ಮುದ್ರೆಯೊಂದಿಗೆ ನನ್ನ ಸಹಿಯಿಂದ ಈ ದಿನ ನೀಡಲಾಗಿದೆ.

ಈ ಮೇಲ್ಕಂಡ ಪ್ರಕರಣದಲ್ಲಿ ಅರ್ಜಿದಾರರು ಸಲ್ಲಿಸಿದ ಅರ್ಜಿಯ ಮೇರೆಗೆ ಎದುರುದಾರರಿಗೆ ಈ ಮೂಲಕ ತಿಳಿಸುವುದೇನೆಂದರೆ ನೀವು ಖುದ್ದಾಗಿ ಅಥವಾ ನಿಮ್ಮ ವಕೀಲರ ಮೂಲಕ ನ್ಯಾಯಾಲಯದಲ್ಲಿ ಹಾಜರಾಗತಕ್ಕದ್ದು. ತಪ್ಪಿದಲ್ಲಿ ನಿಮ್ಮ ಗೈರು ಹಾಜರಿಯಲ್ಲಿ ಪ್ರಕರಣವನ್ನು ಏಕಪಕ್ಷೀಯವಾಗಿ ತೀರ್ಮಾನಿಸಲಾಗುವುದು. ನ್ಯಾಯಾಲಯದ ಮುದ್ರೆಯೊಂದಿಗೆ ನನ್ನ ಸಹಿಯಿಂದ ಈ ದಿನ ನೀಡಲಾಗಿದೆ.

ಈ ಮೇಲ್ಕಂಡ ಪ್ರಕರಣದಲ್ಲಿ ಅರ್ಜಿದಾರರು ಸಲ್ಲಿಸಿದ ಅರ್ಜಿಯ ಮೇರೆಗೆ ಎದುರುದಾರರಿಗೆ ಈ ಮೂಲಕ ತಿಳಿಸುವುದೇನೆಂದರೆ ನೀವು ಖುದ್ದಾಗಿ ಅಥವಾ ನಿಮ್ಮ ವಕೀಲರ ಮೂಲಕ ನ್ಯಾಯಾಲಯದಲ್ಲಿ ಹಾಜರಾಗತಕ್ಕದ್ದು. ತಪ್ಪಿದಲ್ಲಿ ನಿಮ್ಮ ಗೈರು ಹಾಜರಿಯಲ್ಲಿ ಪ್ರಕರಣವನ್ನು ಏಕಪಕ್ಷೀಯವಾಗಿ ತೀರ್ಮಾನಿಸಲಾಗುವುದು. ನ್ಯಾಯಾಲಯದ ಮುದ್ರೆಯೊಂದಿಗೆ ನನ್ನ ಸಹಿಯಿಂದ ಈ ದಿನ ನೀಡಲಾಗಿದೆ.

ಈ ಮೇಲ್ಕಂಡ ಪ್ರಕರಣದಲ್ಲಿ ಅರ್ಜಿದಾರರು ಸಲ್ಲಿಸಿದ ಅರ್ಜಿಯ ಮೇರೆಗೆ ಎದುರುದಾರರಿಗೆ ಈ ಮೂಲಕ ತಿಳಿಸುವುದೇನೆಂದರೆ ನೀವು ಖುದ್ದಾಗಿ ಅಥವಾ ನಿಮ್ಮ ವಕೀಲರ ಮೂಲಕ ನ್ಯಾಯಾಲಯದಲ್ಲಿ ಹಾಜರಾಗತಕ್ಕದ್ದು. ತಪ್ಪಿದಲ್ಲಿ ನಿಮ್ಮ ಗೈರು ಹಾಜರಿಯಲ್ಲಿ ಪ್ರಕರಣವನ್ನು ಏಕಪಕ್ಷೀಯವಾಗಿ ತೀರ್ಮಾನಿಸಲಾಗುವುದು. ನ್ಯಾಯಾಲಯದ ಮುದ್ರೆಯೊಂದಿಗೆ ನನ್ನ ಸಹಿಯಿಂದ ಈ ದಿನ ನೀಡಲಾಗಿದೆ.

COURT SEAL

ಪ್ರ.ಸಂ. ಮೊಕದ್ದಮೆ ನಂ. 177/2024

ಈ ಮೇಲ್ಕಂಡ ಪ್ರಕರಣದಲ್ಲಿ ಅರ್ಜಿದಾರರು ಸಲ್ಲಿಸಿದ ಅರ್ಜಿಯ ಮೇರೆಗೆ ಎದುರುದಾರರಿಗೆ ಈ ಮೂಲಕ ತಿಳಿಸುವುದೇನೆಂದರೆ ನೀವು ಖುದ್ದಾಗಿ ಅಥವಾ ನಿಮ್ಮ ವಕೀಲರ ಮೂಲಕ ನ್ಯಾಯಾಲಯದಲ್ಲಿ ಹಾಜರಾಗತಕ್ಕದ್ದು. ತಪ್ಪಿದಲ್ಲಿ ನಿಮ್ಮ ಗೈರು ಹಾಜರಿಯಲ್ಲಿ ಪ್ರಕರಣವನ್ನು ಏಕಪಕ್ಷೀಯವಾಗಿ ತೀರ್ಮಾನಿಸಲಾಗುವುದು. ನ್ಯಾಯಾಲಯದ ಮುದ್ರೆಯೊಂದಿಗೆ ನನ್ನ ಸಹಿಯಿಂದ ಈ ದಿನ ನೀಡಲಾಗಿದೆ.

ಈ ಮೇಲ್ಕಂಡ ಪ್ರಕರಣದಲ್ಲಿ ಅರ್ಜಿದಾರರು ಸಲ್ಲಿಸಿದ ಅರ್ಜಿಯ ಮೇರೆಗೆ ಎದುರುದಾರರಿಗೆ ಈ ಮೂಲಕ ತಿಳಿಸುವುದೇನೆಂದರೆ ನೀವು ಖುದ್ದಾಗಿ ಅಥವಾ ನಿಮ್ಮ ವಕೀಲರ ಮೂಲಕ ನ್ಯಾಯಾಲಯದಲ್ಲಿ ಹಾಜರಾಗತಕ್ಕದ್ದು. ತಪ್ಪಿದಲ್ಲಿ ನಿಮ್ಮ ಗೈರು ಹಾಜರಿಯಲ್ಲಿ ಪ್ರಕರಣವನ್ನು ಏಕಪಕ್ಷೀಯವಾಗಿ ತೀರ್ಮಾನಿಸಲಾಗುವುದು. ನ್ಯಾಯಾಲಯದ ಮುದ್ರೆಯೊಂದಿಗೆ ನನ್ನ ಸಹಿಯಿಂದ ಈ ದಿನ ನೀಡಲಾಗಿದೆ.

ಈ ಮೇಲ್ಕಂಡ ಪ್ರಕರಣದಲ್ಲಿ ಅರ್ಜಿದಾರರು ಸಲ್ಲಿಸಿದ ಅರ್ಜಿಯ ಮೇರೆಗೆ ಎದುರುದಾರರಿಗೆ ಈ ಮೂಲಕ ತಿಳಿಸುವುದೇನೆಂದರೆ ನೀವು ಖುದ್ದಾಗಿ ಅಥವಾ ನಿಮ್ಮ ವಕೀಲರ ಮೂಲಕ ನ್ಯಾಯಾಲಯದಲ್ಲಿ ಹಾಜರಾಗತಕ್ಕದ್ದು. ತಪ್ಪಿದಲ್ಲಿ ನಿಮ್ಮ ಗೈರು ಹಾಜರಿಯಲ್ಲಿ ಪ್ರಕರಣವನ್ನು ಏಕಪಕ್ಷೀಯವಾಗಿ ತೀರ್ಮಾನಿಸಲಾಗುವುದು. ನ್ಯಾಯಾಲಯದ ಮುದ್ರೆಯೊಂದಿಗೆ ನನ್ನ ಸಹಿಯಿಂದ ಈ ದಿನ ನೀಡಲಾಗಿದೆ.

ಈ ಮೇಲ್ಕಂಡ ಪ್ರಕರಣದಲ್ಲಿ ಅರ್ಜಿದಾರರು ಸಲ್ಲಿಸಿದ ಅರ್ಜಿಯ ಮೇರೆಗೆ ಎದುರುದಾರರಿಗೆ ಈ ಮೂಲಕ ತಿಳಿಸುವುದೇನೆಂದರೆ ನೀವು ಖುದ್ದಾಗಿ ಅಥವಾ ನಿಮ್ಮ ವಕೀಲರ ಮೂಲಕ ನ್ಯಾಯಾಲಯದಲ್ಲಿ ಹಾಜರಾಗತಕ್ಕದ್ದು. ತಪ್ಪಿದಲ್ಲಿ ನಿಮ್ಮ ಗೈರು ಹಾಜರಿಯಲ್ಲಿ ಪ್ರಕರಣವನ್ನು ಏಕಪಕ್ಷೀಯವಾಗಿ ತೀರ್ಮಾನಿಸಲಾಗುವುದು. ನ್ಯಾಯಾಲಯದ ಮುದ್ರೆಯೊಂದಿಗೆ ನನ್ನ ಸಹಿಯಿಂದ ಈ ದಿನ ನೀಡಲಾಗಿದೆ.

ಈ ಮೇಲ್ಕಂಡ ಪ್ರಕರಣದಲ್ಲಿ ಅರ್ಜಿದಾರರು ಸಲ್ಲಿಸಿದ ಅರ್ಜಿಯ ಮೇರೆಗೆ ಎದುರುದಾರರಿಗೆ ಈ ಮೂಲಕ ತಿಳಿಸುವುದೇನೆಂದರೆ ನೀವು ಖುದ್ದಾಗಿ ಅಥವಾ ನಿಮ್ಮ ವಕೀಲರ ಮೂಲಕ ನ್ಯಾಯಾಲಯದಲ್ಲಿ ಹಾಜರಾಗತಕ್ಕದ್ದು. ತಪ್ಪಿದಲ್ಲಿ ನಿಮ್ಮ ಗೈರು ಹಾಜರಿಯಲ್ಲಿ ಪ್ರಕರಣವನ್ನು ಏಕಪಕ್ಷೀಯವಾಗಿ ತೀರ್ಮಾನಿಸಲಾಗುವುದು. ನ್ಯಾಯಾಲಯದ ಮುದ್ರೆಯೊಂದಿಗೆ ನನ್ನ ಸಹಿಯಿಂದ ಈ ದಿನ ನೀಡಲಾಗಿದೆ.

ಈ ಮೇಲ್ಕಂಡ ಪ್ರಕರಣದಲ್ಲಿ ಅರ್ಜಿದಾರರು ಸಲ್ಲಿಸಿದ ಅರ್ಜಿಯ ಮೇರೆಗೆ ಎದುರುದಾರರಿಗೆ ಈ ಮೂಲಕ ತಿಳಿಸುವುದೇನೆಂದರೆ ನೀವು ಖುದ್ದಾಗಿ ಅಥವಾ ನಿಮ್ಮ ವಕೀಲರ ಮೂಲಕ ನ್ಯಾಯಾಲಯದಲ್ಲಿ ಹಾಜರಾಗತಕ್ಕದ್ದು. ತಪ್ಪಿದಲ್ಲಿ ನಿಮ್ಮ ಗೈರು ಹಾಜರಿಯಲ್ಲಿ ಪ್ರಕರಣವನ್ನು ಏಕಪಕ್ಷೀಯವಾಗಿ ತೀರ್ಮಾನಿಸಲಾಗುವುದು. ನ್ಯಾಯಾಲಯದ ಮುದ್ರೆಯೊಂದಿಗೆ ನನ್ನ ಸಹಿಯಿಂದ ಈ ದಿನ ನೀಡಲಾಗಿದೆ.

ಈ ಮೇಲ್ಕಂಡ ಪ್ರಕರಣದಲ್ಲಿ ಅರ್ಜಿದಾರರು ಸಲ್ಲಿಸಿದ ಅರ್ಜಿಯ ಮೇರೆಗೆ ಎದುರುದಾರರಿಗೆ ಈ ಮೂಲಕ ತಿಳಿಸುವುದೇನೆಂದರೆ ನೀವು ಖುದ್ದಾಗಿ ಅಥವಾ ನಿಮ್ಮ ವಕೀಲರ ಮೂಲಕ ನ್ಯಾಯಾಲಯದಲ್ಲಿ ಹಾಜರಾಗತಕ್ಕದ್ದು. ತಪ್ಪಿದಲ್ಲಿ ನಿಮ್ಮ ಗೈರು ಹಾಜರಿಯಲ್ಲಿ ಪ್ರಕರಣವನ್ನು ಏಕಪಕ್ಷೀಯವಾಗಿ ತೀರ್ಮಾನಿಸಲಾಗುವುದು. ನ್ಯಾಯಾಲಯದ ಮುದ್ರೆಯೊಂದಿಗೆ ನನ್ನ ಸಹಿಯಿಂದ ಈ ದಿನ ನೀಡಲಾಗಿದೆ.

ಈ ಮೇಲ್ಕಂಡ ಪ್ರಕರಣದಲ್ಲಿ ಅರ್ಜಿದಾರರು ಸಲ್ಲಿಸಿದ ಅರ್ಜಿಯ ಮೇರೆಗೆ ಎದುರುದಾರರಿಗೆ ಈ ಮೂಲಕ ತಿಳಿಸುವುದೇನೆಂದರೆ ನೀವು ಖುದ್ದಾಗಿ ಅಥವಾ ನಿಮ್ಮ ವಕೀಲರ ಮೂಲಕ ನ್ಯಾಯಾಲಯದಲ್ಲಿ ಹಾಜರಾಗತಕ್ಕದ್ದು. ತಪ್ಪಿದಲ್ಲಿ ನಿಮ್ಮ ಗೈರು ಹಾಜರಿಯಲ್ಲಿ ಪ್ರಕರಣವನ್ನು ಏಕಪಕ್ಷೀಯವಾಗಿ ತೀರ್ಮಾನಿಸಲಾಗುವುದು. ನ್ಯಾಯಾಲಯದ ಮುದ್ರೆಯೊಂದಿಗೆ ನನ್ನ ಸಹಿಯಿಂದ ಈ ದಿನ ನೀಡಲಾಗಿದೆ.

ಈ ಮೇಲ್ಕಂಡ ಪ್ರಕರಣದಲ್ಲಿ ಅರ್ಜಿದಾರರು ಸಲ್ಲಿಸಿದ ಅರ್ಜಿಯ ಮೇರೆಗೆ ಎದುರುದಾರರಿಗೆ ಈ ಮೂಲಕ ತಿಳಿಸುವುದೇನೆಂದರೆ ನೀವು ಖುದ್ದಾಗಿ ಅಥವಾ ನಿಮ್ಮ ವಕೀಲರ ಮೂಲಕ ನ್ಯಾಯಾಲಯದಲ್ಲಿ ಹಾಜರಾಗತಕ್ಕದ್ದು. ತಪ್ಪಿದಲ್ಲಿ ನಿಮ್ಮ ಗೈರು ಹಾಜರಿಯಲ್ಲಿ ಪ್ರಕರಣವನ್ನು ಏಕಪಕ್ಷೀಯವಾಗಿ ತೀರ್ಮಾನಿಸಲಾಗುವುದು. ನ್ಯಾಯಾಲಯದ ಮುದ್ರೆಯೊಂದಿಗೆ ನನ್ನ ಸಹಿಯಿಂದ ಈ ದಿನ ನೀಡಲಾಗಿದೆ.

ಈ ಮೇಲ್ಕಂಡ ಪ್ರಕರಣದಲ್ಲಿ ಅರ್ಜಿದಾರರು ಸಲ್ಲಿಸಿದ ಅರ್ಜಿಯ ಮೇರೆಗೆ ಎದುರುದಾರರಿಗೆ ಈ ಮೂಲಕ ತಿಳಿಸುವುದೇನೆಂದರೆ ನೀವು ಖುದ್ದಾಗಿ ಅಥವಾ ನಿಮ್ಮ ವಕೀಲರ ಮೂಲಕ ನ್ಯಾಯಾಲಯದಲ್ಲಿ ಹಾಜರಾಗತಕ್ಕದ್ದು. ತಪ್ಪಿದಲ್ಲಿ ನಿಮ್ಮ ಗೈರು ಹಾಜರಿಯಲ್ಲಿ ಪ್ರಕರಣವನ್ನು ಏಕಪಕ್ಷೀಯವಾಗಿ ತೀರ್ಮಾನಿಸಲಾಗುವುದು. ನ್ಯಾಯಾಲಯದ ಮುದ್ರೆಯೊಂದಿಗೆ ನನ್ನ ಸಹಿಯಿಂದ ಈ ದಿನ ನೀಡಲಾಗಿದೆ.

ಸಹಿ/- ಆರ್.ಎನ್. ಕುಲಕರ್ಣಿ

IN THE COURT OF THE III ADDL. SR. CIVIL JUDGE HUBBALLI, AT : HUBBALLI

Plaintiffs : Smt. B.N. Unakal & others. Vs. Defendants : Chyanagoda S. Patil & others. Summons Under Order V Rule 20(1A) of CPC

ಕರ್ನಾಟಕ ಸರ್ಕಾರ
ಜಿಲ್ಲಾ ಆರೋಗ್ಯ ಸಂಸ್ಥೆ, ಜಿಲ್ಲಾ ರಾಷ್ಟ್ರೀಯ ಆರೋಗ್ಯ ಅಭಿಯಾನ
ಜಿಲ್ಲಾ ಆರೋಗ್ಯ ಮತ್ತು ಕುಟುಂಬ ಕಲ್ಯಾಣಾಧಿಕಾರಿಗಳ ಕಛೇರಿ, ಹಾವೇರಿ
ಸಂಖ್ಯೆ: ಜಿಆಸ/ಎನ್‌ಹೆಚ್‌ಎಂ/ಸಿಆರ್/562/2024-25
ದಿನಾಂಕ: 25.02.2025
ದ್ವಿ-ಲಕೋಟೆ ಪದ್ಧತಿಯ ಇ-ಟೆಂಡರ್ ಪ್ರಕಟಣೆ
(ಇ-ಪ್ರೊಕ್ಯೂರ್‌ಮೆಂಟ್ ಮೂಲಕ)

ವಿಷಯ:- ಜಿಲ್ಲಾ ಆರೋಗ್ಯ ಸಂಸ್ಥೆ ವತಿಯಿಂದ ವಾಹನಗಳನ್ನು ಹೊರಗುತ್ತಿಗೆ ಆಧಾರದ ಮೇಲೆ ಪಡೆಯಲು ಟೆಂಡರ್ ಕರೆಯುವ ಕುರಿತು. ಜಿಲ್ಲಾ ಆರೋಗ್ಯ ಮತ್ತು ಕುಟುಂಬ ಕಲ್ಯಾಣಾಧಿಕಾರಿಗಳ ಕಛೇರಿ ಹಾವೇರಿ ಇವರ ವತಿಯಿಂದ ಈ ಕೆಳಕಂಡ ವಿವರದಂತೆ ವಾಹನಗಳನ್ನು ಹೊರಗುತ್ತಿಗೆ ಆಧಾರದ ಮೇಲೆ ಪಡೆಯಲು ಇ-ಪ್ರೊಕ್ಯೂರ್‌ಮೆಂಟ್ ಮೂಲಕ ಅರ್ಹ ಬಿಡ್‌ದಾರರಿಂದ ದ್ವಿ-ಲಕೋಟೆ ಪದ್ಧತಿಯಲ್ಲಿ ಟೆಂಡರ್ ಆಹ್ವಾನಿಸಲಾಗಿದೆ.

ಇ-ಟೆಂಡರ್ ಸಂಖ್ಯೆ: NHM/RCHO/Vehicle Tender/ 65 /2024-25

1) ಟೆಂಡರ್ ಪ್ರಕಟಣೆಯ ದಿನಾಂಕ: 27.02.2025. 2) ಟೆಂಡರ್ ಶುಲ್ಕ: ರೂ. 85.00,000/- 3) ಇ.ಎಂ.ಡಿ ಮೊತ್ತ: ರೂ. 2,15,000/- 4) ಟೆಂಡರ್ ಪ್ರಕಟಣೆಯ ದಿನಾಂಕ (Web Portal): 27.02.2025 ಬೆಳಿಗ್ಗೆ 11.00 ಗಂಟೆಯಿಂದ. 5) ಬಿಡ್ ಸಲ್ಲಿಸಲು ಕೊನೆಯ ದಿನಾಂಕ: 13.03.2025 ಸಂಜೆ 05.00 ಗಂಟೆಯವರೆಗೆ.

ಸೂಚನೆ : 1) ತಾಂತ್ರಿಕ ಲಕೋಟೆಯನ್ನು ತೆರೆದ ನಂತರ ಅರ್ಹ ಬಿಡ್‌ದಾರರ ಆರ್ಥಿಕ ಲಕೋಟೆಯನ್ನು ತೆರೆಯಲಾಗುವುದು. 2) ಹೆಚ್ಚಿನ ಮಾಹಿತಿಗಾಗಿ ಇ-ಪೋರ್ಟಲ್ ನೋಡುವುದು.

http://eproc.karnataka.gov.in

ಸಹಿ/-ಜಿಲ್ಲಾ ಆರೋಗ್ಯ ಮತ್ತು ಕುಟುಂಬ ಕಲ್ಯಾಣಾಧಿಕಾರಿಗಳು, ಹಾವೇರಿ

CHANGE OF NAME
I, KISHAN MEHARWADE (Old Name) Resident of Vinayak Nagar 1st Main Road Ranebennur, Haveri Pin - 581115, have changed my name as KISHAN KOTRESH MEHARWADE (New Name) for all purposes, vide affidavit dated 27/02/2025 before notary
Bidaralli N. B.
CHANGE OF NAME
I, KOTRESH RANGANATHSA MEHARWADE have changed my daughter name KHUSHI MEHARWADE (Old Name) To KHUSHI KOTRESH MEHARWADE (New Name) Resident of Vinayak Nagar 1st Main Road Ranebennur, Dist: Haveri - 581115, vide affidavit dated: 27/02/2025 before notary
Bidaralli N. B.
ಜಾಹೀರಾತಿಗಾಗಿ ಸಂಪರ್ಕಿಸಿ
8892497927
ಕರ್ನಾಟಕ ಸರ್ಕಾರ
ಅರಣ್ಯ ಉಪ ಸಂರಕ್ಷಣಾಧಿಕಾರಿಗಳು ಉಪ ಅರಣ್ಯ ವಿಭಾಗ, ಶಿರಸಿ
ದಿನಾಂಕ: 22.02.2025
ಅಲ್ಪಾವಧಿ ಇ-ಟೆಂಡರ್ ಪ್ರಕಟಣೆ

2025-26 ನೇ ಸಾಲಿನ ಅರಣ್ಯ ಇಲಾಖೆಯ ವಿವಿಧ ಕಾಮಗಾರಿಗಳನ್ನು ಕೈಗೊಳ್ಳಲು ಅರ್ಹ ಗುತ್ತಿಗೆದಾರರಿಂದ ಇ-ಪ್ರೊಕ್ಯೂರ್‌ಮೆಂಟ್ ಮುಖಾಂತರ ಅಲ್ಪಾವಧಿ ಟೆಂಡರ್ ಆಹ್ವಾನಿಸಲಾಗಿದೆ. ಟೆಂಡರ್ ದಸ್ತಾವೇಜುಗಳನ್ನು ಈ ಕೆಳಗಿನ ವೆಬ್‌ಸೈಟ್‌ನಲ್ಲಿ ಡೌನ್‌ಲೋಡ್ ಮಾಡಿಕೊಳ್ಳಬಹುದು. ಟೆಂಡರ್ ಪ್ರಕ್ರಿಯೆಯ ವೇಳಾಪಟ್ಟಿ ಹಾಗೂ ಇತರೆ ಷರತ್ತುಗಳು ಪೋರ್ಟಲ್‌ನಲ್ಲಿ ಲಭ್ಯವಿರುತ್ತದೆ. ಕಾಮಗಾರಿಯ ಸ್ಥಳ, ಅಂದಾಜು ಮೊತ್ತ, ಇ.ಎಂ.ಡಿ ಹಾಗೂ ಅರ್ಹತಾ ಮಾನದಂಡಗಳ ವಿವರಗಳನ್ನು ಟೆಂಡರ್ ದಸ್ತಾವೇಜಿನಲ್ಲಿ ನೀಡಲಾಗಿದೆ. ಯಾವುದೇ ಕಾರಣ ನೀಡದೆ ಟೆಂಡರ್ ರದ್ದುಪಡಿಸುವ ಹಕ್ಕನ್ನು ಕಾಯ್ದಿರಿಸಲಾಗಿದೆ.

http://kppp.karnataka.gov.in

ಸಹಿ/- ಅರಣ್ಯ ಉಪ ಸಂರಕ್ಷಣಾಧಿಕಾರಿಗಳು

ಕರ್ನಾಟಕ ಸರ್ಕಾರ (ರೇಷ್ಮೆ ಇಲಾಖೆ)
ರೇಷ್ಮೆ ಉಪ ನಿರ್ದೇಶಕರ ಕಛೇರಿ, ಜಿಲ್ಲಾ ಪಂಚಾಯತ್, ವಿಜಯನಗರ-583201
Email: ddsvijayanagara2024@gmail.com, ದೂರವಾಣಿ: 9480409030
ಅಲ್ಪಾವಧಿ ಟೆಂಡರ್ ಆಹ್ವಾನ

2024-25 ನೇ ಸಾಲಿನಲ್ಲಿ ರೇಷ್ಮೆ ಇಲಾಖೆಯ ವಿವಿಧ ಯೋಜನೆಯಡಿ ಅಗತ್ಯವಿರುವ Moulting harmone or ecdysone- Samppoorna ಔಷಧಿಯನ್ನು ಸರಬರಾಜು ಮಾಡಲು ಅರ್ಹ ಸರಬರಾಜುದಾರರಿಂದ ಮೊಹರು ಮಾಡಿದ ಲಕೋಟೆಯಲ್ಲಿ ದರಪಟ್ಟಿ ಆಹ್ವಾನಿಸಲಾಗಿದೆ. ಟೆಂಡರ್ ಫಾರಂ ವಿತರಣೆ ದಿನಾಂಕ: 24-02-2025 ರಿಂದ 03-03-2025 ರವರೆಗೆ. ಟೆಂಡರ್ ಸಲ್ಲಿಸಲು ಕೊನೆಯ ದಿನಾಂಕ: 04-03-2025 ಸಂಜೆ 5.30 ಗಂಟೆಯವರೆಗೆ. ಟೆಂಡರ್ ತೆರೆಯುವ ದಿನಾಂಕ: 05-03-2025. ಹೆಚ್ಚಿನ ವಿವರಗಳಿಗೆ ಕಛೇರಿ ವೇಳೆಯಲ್ಲಿ ಸಂಪರ್ಕಿಸಬಹುದು.

ಸಹಿ/- ರೇಷ್ಮೆ ಉಪ ನಿರ್ದೇಶಕರು, ವಿಜಯನಗರ

ಗುಲ್ಬರ್ಗ ವಿದ್ಯುಚ್ಛಕ್ತಿ ಸರಬರಾಜು ಕಂಪನಿ ನಿಯಮಿತ
(ಕರ್ನಾಟಕ ಸರ್ಕಾರದ ಸಂಪೂರ್ಣ ಸ್ವಾಮ್ಯಕ್ಕೆ ಒಳಪಟ್ಟಿದೆ)
CIN: U04010KA2002SGC030436, 08472 256881
ದಿನಾಂಕ: 27-02-2025
:: ಅಲ್ಪಾವಧಿ ಟೆಂಡರ್ ಪ್ರಕಟಣೆ ::
(ಕರ್ನಾಟಕ ಸಾರ್ವಜನಿಕ ಸಂಗ್ರಹಣೆಯ ಪೋರ್ಟಲ್‌ನಲ್ಲಿ ಮಾತ್ರ)

ಗುಲ್ಬರ್ಗ ವಿದ್ಯುಚ್ಛಕ್ತಿ ಸರಬರಾಜು ಕಂಪನಿ ನಿಯಮಿತದ ವ್ಯಾಪ್ತಿಯಲ್ಲಿ ಬರುವ ವಿವಿಧ ವಿದ್ಯುತ್ ಉಪ ಕೇಂದ್ರಗಳಲ್ಲಿ ಹೆಚ್ಚುವರಿ 5MVA ಪರಿವರ್ತಕಗಳನ್ನು 10MVA ಪರಿವರ್ತಕಗಳನ್ನಾಗಿ ಬದಲಾಯಿಸುವ ಕಾಮಗಾರಿಗಳನ್ನು ಟರ್ನ್-ಕೀ ಆಧಾರದ ಮೇಲೆ ಕೈಗೊಳ್ಳಲು ಅರ್ಹ ಬಿಡ್‌ದಾರರಿಂದ ಕರ್ನಾಟಕ ಸಾರ್ವಜನಿಕ ಸಂಗ್ರಹಣೆಯ ಪೋರ್ಟಲ್ ಮುಖಾಂತರ ಅಲ್ಪಾವಧಿ ಟೆಂಡರ್ ಆಹ್ವಾನಿಸಲಾಗಿದೆ. 1) ಚಿಂಚೋಳಿ 2) ಕೊಡ್ಲಾ 3) ಸುಲೇಪೇಟ 4) ಹೊಸಪೇಟೆ 5) ಸಿರುಗುಪ್ಪ ಸೇರಿದಂತೆ ಇತರೆ ಉಪ ಕೇಂದ್ರಗಳು.

ಕ್ರ ಸಂ	ಟೆಂಡರ್ ಸಂಖ್ಯೆ	ಅಂದಾಜು ಮೊತ್ತ (ರೂ. ಕೋಟಿಗಳಲ್ಲಿ)	ಕಾಮಗಾರಿ ಸ್ಥಳ
1	No:GESCOM/CEE(O)SEE(Proj)/EEE/AEE/AE-2/TTK/2024-25/10MVA/KLB Zone/467.	8.29	ಜಿಲ್ಲೆ
2	No:GESCOM/CEE(O)SEE(Proj)/EEE/AEE/AE-2/TTK/2024-25/10MVA/BLY Zone/468.	5.63	

ಬಿಡ್ ಸಲ್ಲಿಸಲು ಕೊನೆಯ ದಿನಾಂಕ: 03.03.2025 — https://kppp.karnataka.gov.in

ಸಹಿ/- ಮುಖ್ಯ ಅಭಿಯಂತರರು (ವಿ) ಕಾಮಗಾರಿ ಮತ್ತು ನಿರ್ವಹಣೆ, ಕಲಬುರಗಿ

ಶ್ರೀ ಲಕ್ಷ್ಮೀಶ್ಚಂದ್ರ ಭಾರತೀ ತೀರ್ಥ ಸಂಸ್ಕೃತ ವಿದ್ಯಾ ಸಂಸ್ಥೆ (ರಿ)
ಕುಟ್ಟಿಗಾ ಜಾಲ, ಸುಂಟಿಕೊಪ್ಪ ಹೋಬಳಿ - 581334 (ಉತ್ತರ ಕನ್ನಡ) 08202210938
ಬೇಕಾಗಿದ್ದಾರೆ
01	ಅಧ್ಯಾಪಕರ ಹುದ್ದೆ	01	ಎಂ.ಎ. ಸಂಸ್ಕೃತ / ನಿಯಮಾನುಸಾರ	ಪರಿಶಿಷ್ಟ ಜಾತಿ (ಎಸ್.ಸಿ.)

ಮೇಲ್ಕಂಡ ಸಂಸ್ಥೆಯ ಅನುದಾನಿತ ಶಾಲೆಯಲ್ಲಿ ಖಾಲಿ ಇರುವ ಹುದ್ದೆಯನ್ನು ಭರ್ತಿ ಮಾಡಲು ಸರ್ಕಾರದ ಆದೇಶದಂತೆ ಅರ್ಹ ಅಭ್ಯರ್ಥಿಗಳಿಂದ ಅರ್ಜಿ ಆಹ್ವಾನಿಸಲಾಗಿದೆ. ಅರ್ಜಿಯೊಂದಿಗೆ ವಿದ್ಯಾರ್ಹತೆ, ಜಾತಿ ಪ್ರಮಾಣ ಪತ್ರ ಹಾಗೂ ಇತರೆ ದಾಖಲೆಗಳ ದೃಢೀಕೃತ ಪ್ರತಿಗಳನ್ನು ಲಗತ್ತಿಸಿ ಈ ಪ್ರಕಟಣೆ ಹೊರಬಿದ್ದ 15 ದಿನಗಳ ಒಳಗಾಗಿ ನೋಂದಾಯಿತ ಅಂಚೆ ಮೂಲಕ ಕಳುಹಿಸತಕ್ಕದ್ದು. ಆಯ್ಕೆಯು ಸರ್ಕಾರದ ನಿಯಮಾನುಸಾರ ನಡೆಯುತ್ತದೆ.

ದಿನಾಂಕ 27-02-2025

ಕರ್ನಾಟಕ ಸರ್ಕಾರ
ಪಂಚಾಯತ್ ರಾಜ್ ಇಂಜಿನೀಯರಿಂಗ್ ವಿಭಾಗ, ಶಿರಸಿ, ಉತ್ತರ ಕನ್ನಡ
ದೂರವಾಣಿ: 08384-226381 · ee_zpedsirsi@yahoo.co.in
ಟೆಂಡರ್ ಪ್ರಕಟಣೆ 36 (ಬಾಹ್ಯ) ಸಂಖ್ಯೆ/2024-25 (ಇ-ಪ್ರೊಕ್ಯೂರ್‌ಮೆಂಟ್ ಮೂಲಕ)

ಕಾರ್ಯಪಾಲಕ ಅಭಿಯಂತರರು, ಪಂಚಾಯತ್ ರಾಜ್ ಇಂಜಿನೀಯರಿಂಗ್ ವಿಭಾಗ, ಶಿರಸಿ ರವರು 2019-20 ನೇ ಸಾಲಿನ ವಿವಿಧ ಯೋಜನೆಯಡಿ ಕಾಮಗಾರಿಗಳನ್ನು ನಿರ್ವಹಿಸಲು ಅರ್ಹ ಗುತ್ತಿಗೆದಾರರಿಂದ ಇ-ಪ್ರೊಕ್ಯೂರ್‌ಮೆಂಟ್ ಮುಖಾಂತರ Standard Tender Document ಬಳಸಿ ಟೆಂಡರ್ ಆಹ್ವಾನಿಸಿದೆ.

1) RDPR/2024-25/IND7774 (2) RDPR/2024-25/IND7858 (3) RDPR/2024-25/IND7827 (4) RDPR/2024-25/IND7868 (5) RDPR/2024-25/IND7867

ಟೆಂಡರ್ ಸಲ್ಲಿಸಲು ಕೊನೆಯ ದಿನಾಂಕ: 06-03-2025 — www.kppp.karnataka.gov.in

ಕರ್ನಾಟಕ ಸರ್ಕಾರ
ಸಣ್ಣ ನೀರಾವರಿ ಮತ್ತು ಅಂತರ್ಜಲ ಅಭಿವೃದ್ಧಿ ಇಲಾಖೆ
ನೋಡಲ್ ಅಧಿಕಾರಿಗಳ ಕಾರ್ಯಾಲಯ, ಸಣ್ಣ ನೀರಾವರಿ ವಿಭಾಗ, ಆಲೂರು ಭದ್ರಾ ಬ್ಲಾಕ್ - 582101
E-Mail id : dpmugdg@gmail.com
ದಿನಾಂಕ : 27/02/2025
ಟೆಂಡರ್ ಪ್ರಕಟಣೆ : 01/2025-26

ನೋಡಲ್ ಅಧಿಕಾರಿಗಳ ಕಾರ್ಯಾಲಯ, ಸಣ್ಣ ನೀರಾವರಿ ವಿಭಾಗದ ವ್ಯಾಪ್ತಿಯಲ್ಲಿ ಬರುವ ಕೆರೆಗಳ ಹೂಳು ತೆಗೆಯುವ ಮತ್ತು ನಿರ್ವಹಣಾ ಕಾಮಗಾರಿಗಳನ್ನು ನಿರ್ವಹಿಸಲು ಅರ್ಹ ಗುತ್ತಿಗೆದಾರರಿಂದ ಲಕೋಟೆಯಲ್ಲಿ ಟೆಂಡರ್ ಆಹ್ವಾನಿಸಲಾಗಿದೆ.

01	ಪ್ರತಿ ಕಾಮಗಾರಿ ರೂ. 40000/-	ರೂ. 12000/-

ಟೆಂಡರ್ ನಮೂನೆಗಳನ್ನು ಕಛೇರಿ ವೇಳೆಯಲ್ಲಿ ಪಡೆದು 10/03/2025 ರ ಸಂಜೆ 4.00 ಗಂಟೆಯೊಳಗಾಗಿ ಸಲ್ಲಿಸತಕ್ಕದ್ದು. ಟೆಂಡರ್‌ಗಳನ್ನು 11/03/2025 ರಂದು ತೆರೆಯಲಾಗುವುದು.

ಸಹಿ/- ನೋಡಲ್ ಅಧಿಕಾರಿಗಳು (DPMU)

ಸಾರ್ವಜನಿಕ ಗ್ರಂಥಾಲಯ ಇಲಾಖೆ
ನಗರ ಕೇಂದ್ರ ಗ್ರಂಥಾಲಯ, ಕೇಂದ್ರ ವಲಯ, ನಂ.30, 2ನೇ ಕ್ರಾಸ್, 8ನೇ ಮೇನ್, ಬೆಂಗಳೂರು - 560027
22240920, 22248072 · cclczone@gmail.com
ದರಪಟ್ಟಿ ಪ್ರಕಟಣೆ

2024-25 ನೇ ಸಾಲಿನ ನಗರ ಕೇಂದ್ರ ಗ್ರಂಥಾಲಯ, ಕೇಂದ್ರ ವಲಯದ ವ್ಯಾಪ್ತಿಗೆ ಬರುವ ಶಾಖಾ ಗ್ರಂಥಾಲಯಗಳಿಗೆ ಅಗತ್ಯವಿರುವ ವಸ್ತುಗಳನ್ನು ಸರಬರಾಜು ಮಾಡಲು ಅರ್ಹ ಸರಬರಾಜುದಾರರಿಂದ ದರಪಟ್ಟಿಗಳನ್ನು ಆಹ್ವಾನಿಸಲಾಗಿದೆ. 1. ದರಪಟ್ಟಿ ಸಂಖ್ಯೆ: 01 ದಿನಾಂಕ: 25-02-2025. 2. ದರಪಟ್ಟಿ ಫಾರಂಗಳನ್ನು ಕಛೇರಿ ವೇಳೆಯಲ್ಲಿ ಪಡೆಯಬಹುದು. 3. ಭರ್ತಿ ಮಾಡಿದ ದರಪಟ್ಟಿಯನ್ನು 06-03-2025 ರ ಸಂಜೆ 4.00 ಗಂಟೆಯೊಳಗೆ ಸಲ್ಲಿಸತಕ್ಕದ್ದು. 4. ಅದೇ ದಿನ ಸಂಜೆ 5.00 ಗಂಟೆಗೆ ದರಪಟ್ಟಿಗಳನ್ನು ತೆರೆಯಲಾಗುವುದು. 5. ಇ.ಎಂ.ಡಿ ಮೊತ್ತ ರೂ. 10,000/- ಡಿ.ಡಿ. ಮೂಲಕ ಪಾವತಿಸತಕ್ಕದ್ದು. 6. ಯಾವುದೇ ಕಾರಣ ನೀಡದೆ ದರಪಟ್ಟಿ ತಿರಸ್ಕರಿಸುವ ಹಕ್ಕನ್ನು ಕಾಯ್ದಿರಿಸಲಾಗಿದೆ.

ಮುಖ್ಯ ಗ್ರಂಥಾಲಯಾಧಿಕಾರಿಗಳು, ನಗರ ಕೇಂದ್ರ ಗ್ರಂಥಾಲಯ, ಕೇಂದ್ರ ವಲಯ, ಬೆಂಗಳೂರು

DIPR/CP/AAPL/RO5324/24-25

9
